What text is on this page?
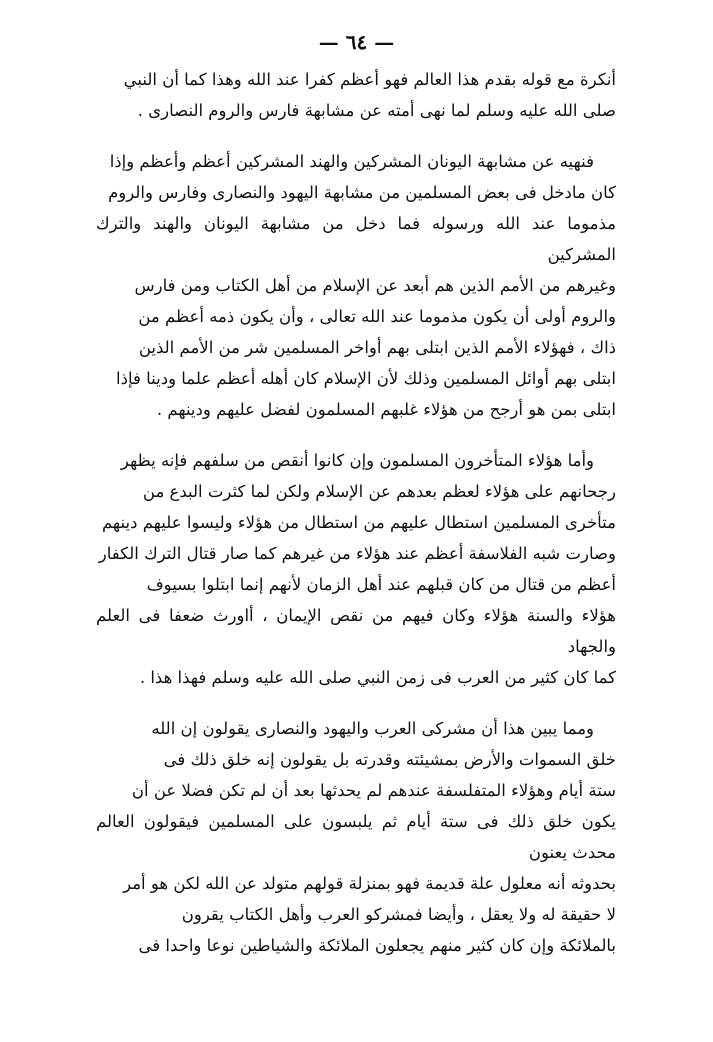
— ٦٤ —

أنكرة مع قوله بقدم هذا العالم فهو أعظم كفرا عند الله وهذا كما أن النبي

صلى الله عليه وسلم لما نهى أمته عن مشابهة فارس والروم النصارى .

فنهيه عن مشابهة اليونان المشركين والهند المشركين أعظم وأعظم وإذا

كان مادخل فى بعض المسلمين من مشابهة اليهود والنصارى وفارس والروم

مذموما عند الله ورسوله فما دخل من مشابهة اليونان والهند والترك المشركين

وغيرهم من الأمم الذين هم أبعد عن الإسلام من أهل الكتاب ومن فارس

والروم أولى أن يكون مذموما عند الله تعالى ، وأن يكون ذمه أعظم من

ذاك ، فهؤلاء الأمم الذين ابتلى بهم أواخر المسلمين شر من الأمم الذين

ابتلى بهم أوائل المسلمين وذلك لأن الإسلام كان أهله أعظم علما ودينا فإذا

ابتلى بمن هو أرجح من هؤلاء غلبهم المسلمون لفضل عليهم ودينهم .

وأما هؤلاء المتأخرون المسلمون وإن كانوا أنقص من سلفهم فإنه يظهر

رجحانهم على هؤلاء لعظم بعدهم عن الإسلام ولكن لما كثرت البدع من

متأخرى المسلمين استطال عليهم من استطال من هؤلاء وليسوا عليهم دينهم

وصارت شبه الفلاسفة أعظم عند هؤلاء من غيرهم كما صار قتال الترك الكفار

أعظم من قتال من كان قبلهم عند أهل الزمان لأنهم إنما ابتلوا بسيوف

هؤلاء والسنة هؤلاء وكان فيهم من نقص الإيمان ، أاورث ضعفا فى العلم والجهاد

كما كان كثير من العرب فى زمن النبي صلى الله عليه وسلم فهذا هذا .

ومما يبين هذا أن مشركى العرب واليهود والنصارى يقولون إن الله

خلق السموات والأرض بمشيئته وقدرته بل يقولون إنه خلق ذلك فى

ستة أيام وهؤلاء المتفلسفة عندهم لم يحدثها بعد أن لم تكن فضلا عن أن

يكون خلق ذلك فى ستة أيام ثم يلبسون على المسلمين فيقولون العالم محدث يعنون

بحدوثه أنه معلول علة قديمة فهو بمنزلة قولهم متولد عن الله لكن هو أمر

لا حقيقة له ولا يعقل ، وأيضا فمشركو العرب وأهل الكتاب يقرون

بالملائكة وإن كان كثير منهم يجعلون الملائكة والشياطين نوعا واحدا فى
